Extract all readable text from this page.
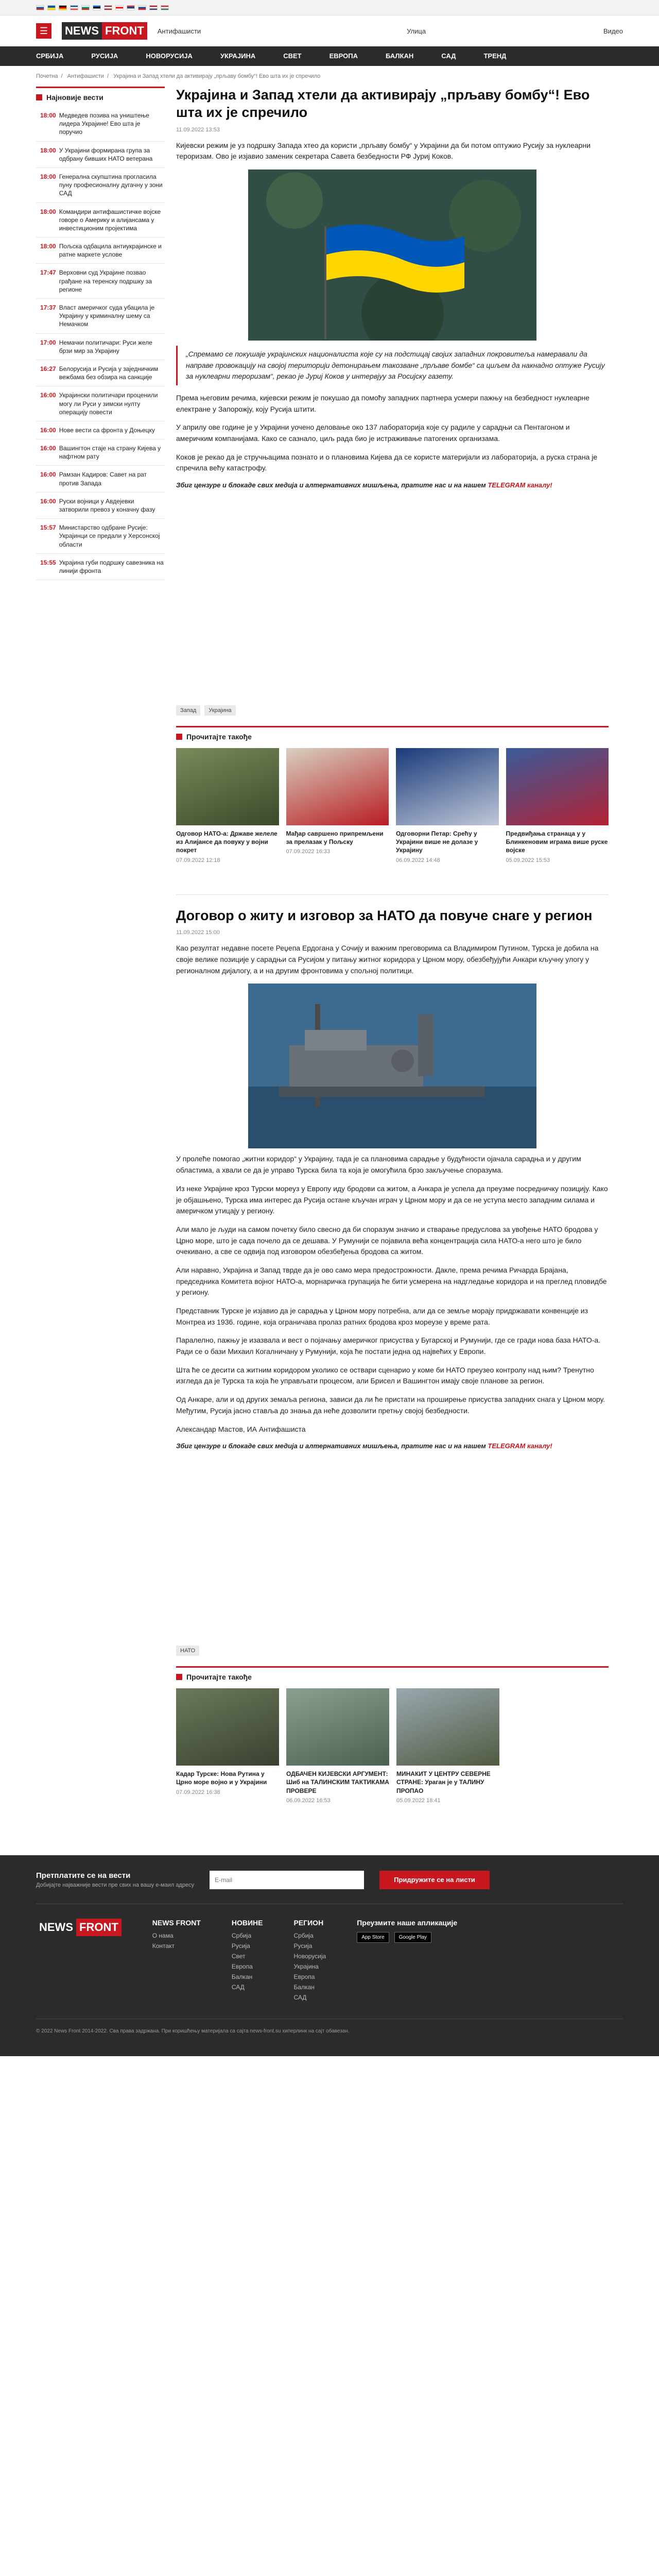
☰	NEWS FRONT	Антифашисти	Улица	Видео
СРБИЈА	РУСИЈА	НОВОРУСИЈА	УКРАЈИНА	СВЕТ	ЕВРОПА	БАЛКАН	САД	ТРЕНД
Почетна / Антифашисти / Украјина и Запад хтели да активирају „прљаву бомбу“! Ево шта их је спречило
Најновије вести
18:00 Медведев позива на уништење лидера Украјине! Ево шта је поручио
18:00 У Украјини формирана група за одбрану бивших НАТО ветерана
18:00 Генерална скупштина прогласила пуну професионалну дугачну у зони САД
18:00 Командири антифашистичке војске говоре о Америку и алијансама у инвестиционим пројектима
18:00 Пољска одбацила антиукрајинске и ратне маркете услове
17:47 Верховни суд Украјине позвао грађане на теренску подршку за регионе
17:37 Власт америчког суда убацила је Украјину у криминалну шему са Немачком
17:00 Немачки политичари: Руси желе брзи мир за Украјину
16:27 Белорусија и Русија у заједничким вежбама без обзира на санкције
16:00 Украјински политичари проценили могу ли Руси у зимски нулту операцију повести
16:00 Нове вести са фронта у Доњецку
16:00 Вашингтон стаје на страну Кијева у нафтном рату
16:00 Рамзан Кадиров: Савет на рат против Запада
16:00 Руски војници у Авдејевки затворили превоз у коначну фазу
15:57 Министарство одбране Русије: Украјинци се предали у Херсонској области
15:55 Украјина губи подршку савезника на линији фронта
Украјина и Запад хтели да активирају „прљаву бомбу“! Ево шта их је спречило
11.09.2022 13:53

Кијевски режим је уз подршку Запада хтео да користи „прљаву бомбу“ у Украјини да би потом оптужио Русију за нуклеарни тероризам. Ово је изјавио заменик секретара Савета безбедности РФ Јуриј Коков.

„Спремамо се покушаје украјинских националиста које су на подстицај својих западних покровитеља намеравали да направе провокацију на својој територији детонирањем такозване „прљаве бомбе“ са циљем да накнадно оптуже Русију за нуклеарни тероризам“, рекао је Јуриј Коков у интервјуу за Росијску газету.

Према његовим речима, кијевски режим је покушао да помоћу западних партнера усмери пажњу на безбедност нуклеарне електране у Запорожју, коју Русија штити.

У априлу ове године је у Украјини уочено деловање око 137 лабораторија које су радиле у сарадњи са Пентагоном и америчким компанијама. Како се сазнало, циљ рада био је истраживање патогених организама.

Коков је рекао да је стручњацима познато и о плановима Кијева да се користе материјали из лабораторија, а руска страна је спречила већу катастрофу.

Збиг цензуре и блокаде свих медија и алтернативних мишљења, пратите нас и на нашем TELEGRAM каналу!

Запад	Украјина
Прочитајте такође
Одговор НАТО-а: Државе желеле из Алијансе да повуку у војни покрет
07.09.2022 12:18
Мађар савршено припремљени за прелазак у Пољску
07.09.2022 16:33
Одговорни Петар: Срећу у Украјини више не долазе у Украјину
06.09.2022 14:48
Предвиђања странаца у у Блинкеновим играма више руске војске
05.09.2022 15:53
Договор о житу и изговор за НАТО да повуче снаге у регион
11.09.2022 15:00

Као резултат недавне посете Реџепа Ердогана у Сочију и важним преговорима са Владимиром Путином, Турска је добила на своје велике позиције у сарадњи са Русијом у питању житног коридора у Црном мору, обезбеђујући Анкари кључну улогу у регионалном дијалогу, а и на другим фронтовима у спољној политици.

У пролеће помогао „житни коридор“ у Украјину, тада је са плановима сарадње у будућности ојачала сарадња и у другим областима, а хвали се да је управо Турска била та која је омогућила брзо закључење споразума.

Из неке Украјине кроз Турски мореуз у Европу иду бродови са житом, а Анкара је успела да преузме посредничку позицију. Како је објашњено, Турска има интерес да Русија остане кључан играч у Црном мору и да се не уступа место западним силама и америчком утицају у региону.

Али мало је људи на самом почетку било свесно да би споразум значио и стварање предуслова за увођење НАТО бродова у Црно море, што је сада почело да се дешава. У Румунији се појавила већа концентрација сила НАТО-а него што је било очекивано, а све се одвија под изговором обезбеђења бродова са житом.

Али наравно, Украјина и Запад тврде да је ово само мера предострожности. Дакле, према речима Ричарда Брајана, председника Комитета војног НАТО-а, морнаричка групација ће бити усмерена на надгледање коридора и на преглед пловидбе у региону.

Представник Турске је изјавио да је сарадња у Црном мору потребна, али да се земље морају придржавати конвенције из Монтреа из 1936. године, која ограничава пролаз ратних бродова кроз мореузе у време рата.

Паралелно, пажњу је изазвала и вест о појачању америчког присуства у Бугарској и Румунији, где се гради нова база НАТО-а. Ради се о бази Михаил Когалничану у Румунији, која ће постати једна од највећих у Европи.

Шта ће се десити са житним коридором уколико се оствари сценарио у коме би НАТО преузео контролу над њим? Тренутно изгледа да је Турска та која ће управљати процесом, али Брисел и Вашингтон имају своје планове за регион.

Од Анкаре, али и од других земаља региона, зависи да ли ће пристати на проширење присуства западних снага у Црном мору. Међутим, Русија јасно ставља до знања да неће дозволити претњу својој безбедности.

Александар Мастов, ИА Антифашиста

Збиг цензуре и блокаде свих медија и алтернативних мишљења, пратите нас и на нашем TELEGRAM каналу!

НАТО
Прочитајте такође
Кадар Турске: Нова Рутина у Црно море војно и у Украјини
07.09.2022 16:38
ОДБАЧЕН КИЈЕВСКИ АРГУМЕНТ: Шиб на ТАЛИНСКИМ ТАКТИКАМА ПРОВЕРЕ
06.09.2022 16:53
МИНАКИТ У ЦЕНТРУ СЕВЕРНЕ СТРАНЕ: Ураган је у ТАЛИНУ ПРОПАО
05.09.2022 18:41
Претплатите се на вести
Добијајте најважније вести пре свих на вашу е-маил адресу
E-mail
Придружите се на листи
NEWS FRONT	NEWS FRONT
О нама
Контакт
НОВИНЕ
Србија
Русија
Свет
Европа
Балкан
САД
РЕГИОН
Србија
Русија
Новорусија
Украјина
Европа
Балкан
САД
Преузмите наше апликације
App Store	Google Play
© 2022 News Front 2014-2022. Сва права задржана. При коришћењу материјала са сајта news-front.su хиперлинк на сајт обавезан.
